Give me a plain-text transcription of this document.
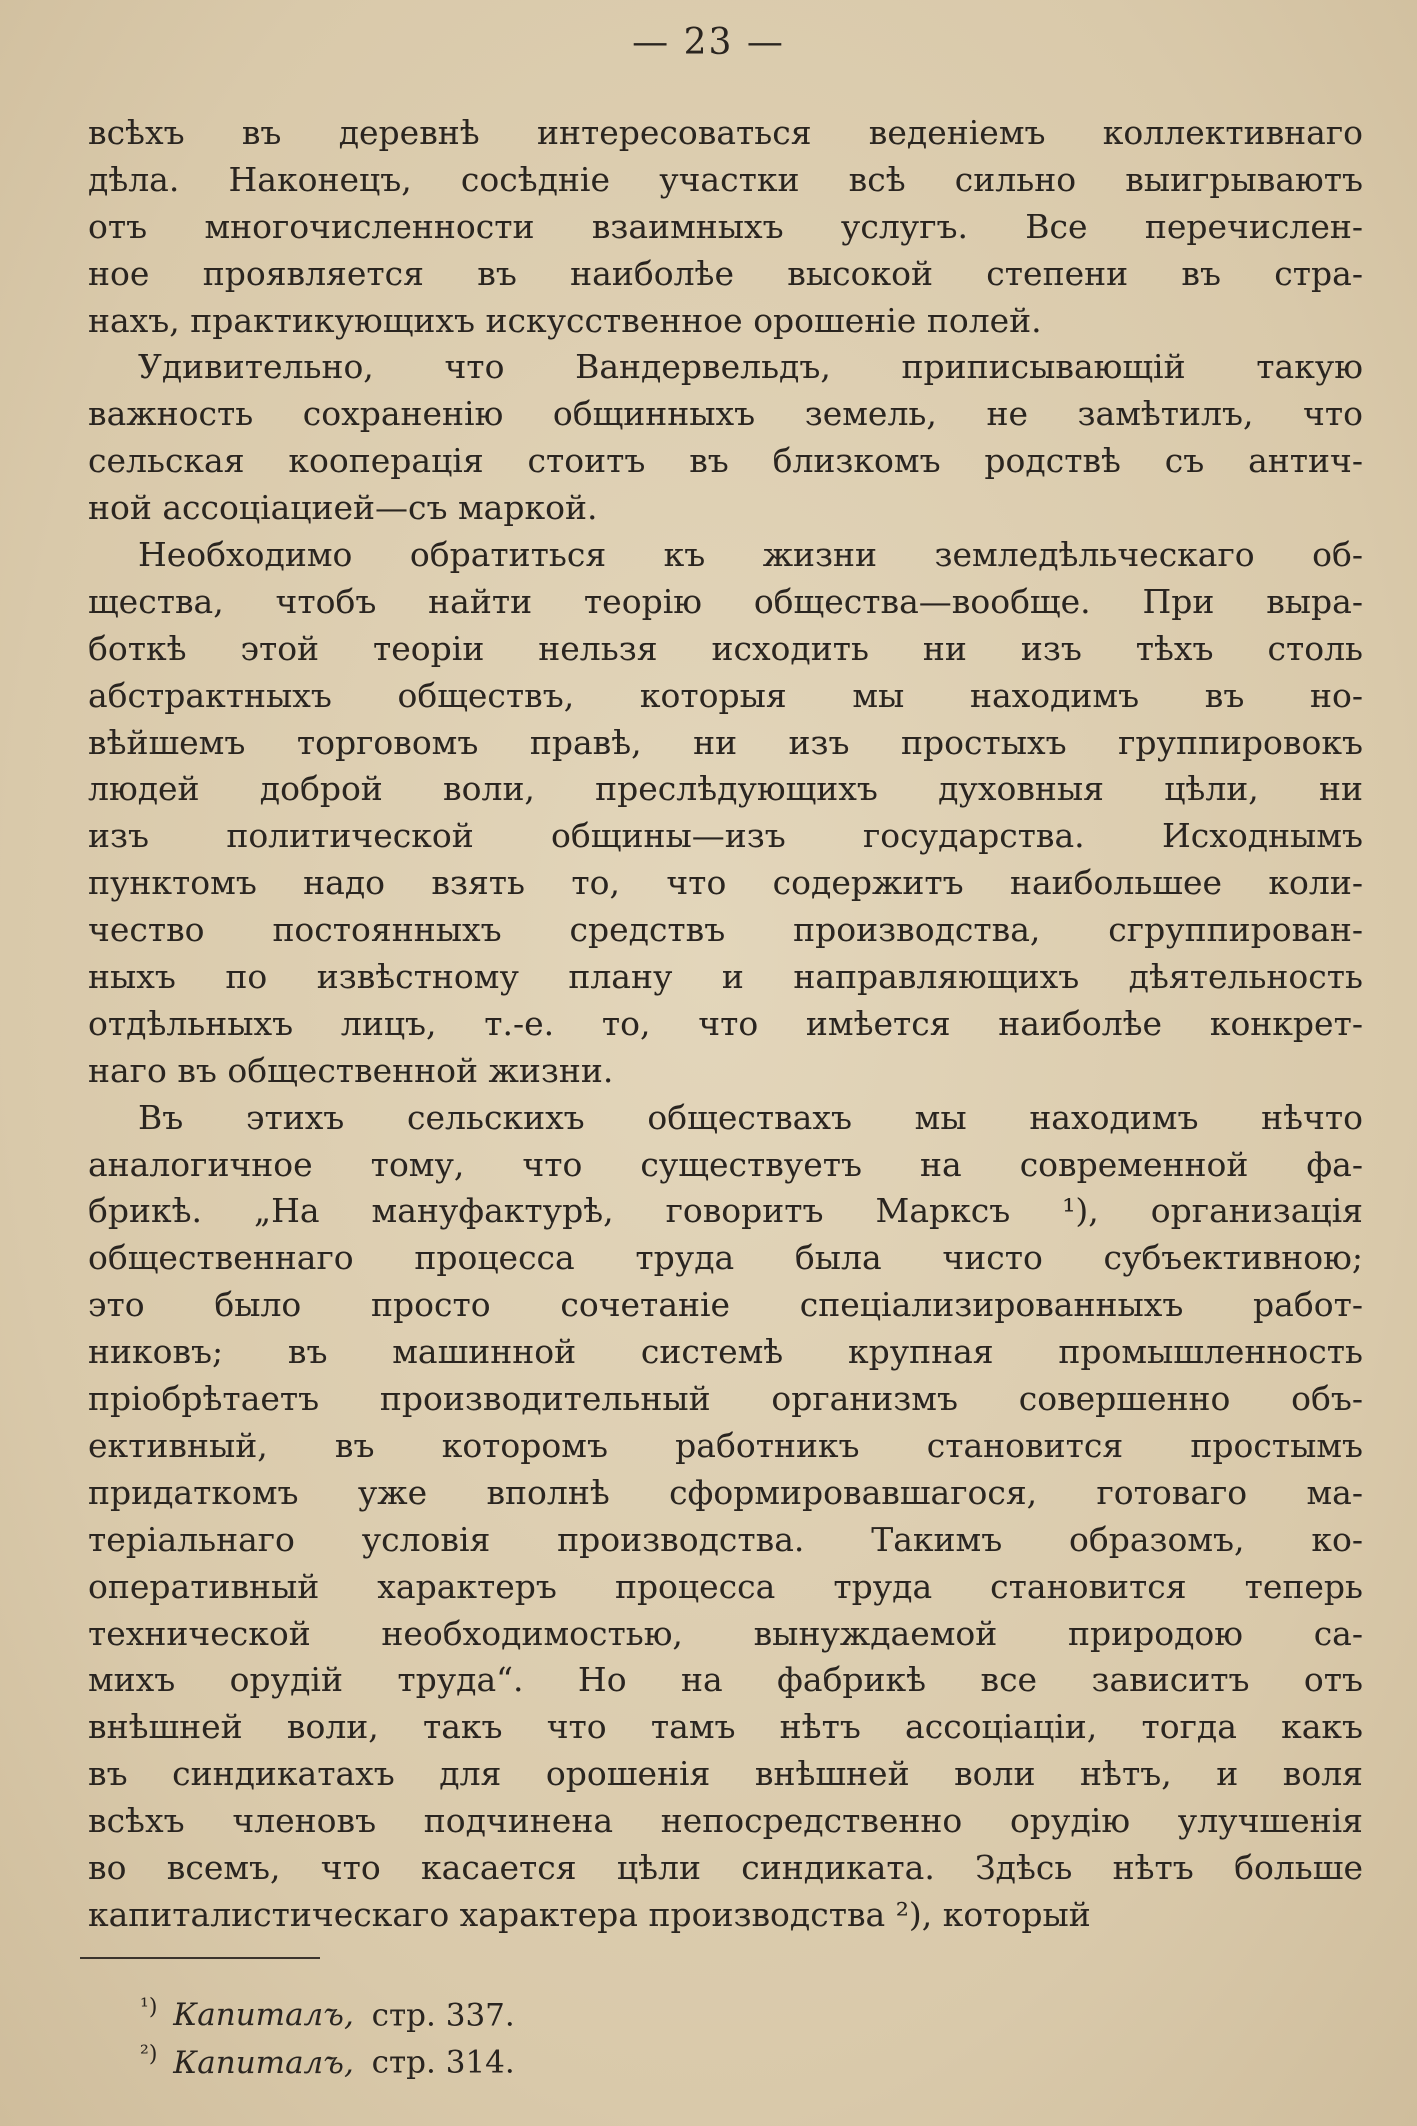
— 23 —

всѣхъ въ деревнѣ интересоваться веденіемъ коллективнаго
дѣла. Наконецъ, сосѣдніе участки всѣ сильно выигрываютъ
отъ многочисленности взаимныхъ услугъ. Все перечислен-
ное проявляется въ наиболѣе высокой степени въ стра-
нахъ, практикующихъ искусственное орошеніе полей.

Удивительно, что Вандервельдъ, приписывающій такую
важность сохраненію общинныхъ земель, не замѣтилъ, что
сельская кооперація стоитъ въ близкомъ родствѣ съ антич-
ной ассоціацией—съ маркой.

Необходимо обратиться къ жизни земледѣльческаго об-
щества, чтобъ найти теорію общества—вообще. При выра-
боткѣ этой теоріи нельзя исходить ни изъ тѣхъ столь
абстрактныхъ обществъ, которыя мы находимъ въ но-
вѣйшемъ торговомъ правѣ, ни изъ простыхъ группировокъ
людей доброй воли, преслѣдующихъ духовныя цѣли, ни
изъ политической общины—изъ государства. Исходнымъ
пунктомъ надо взять то, что содержитъ наибольшее коли-
чество постоянныхъ средствъ производства, сгруппирован-
ныхъ по извѣстному плану и направляющихъ дѣятельность
отдѣльныхъ лицъ, т.-е. то, что имѣется наиболѣе конкрет-
наго въ общественной жизни.

Въ этихъ сельскихъ обществахъ мы находимъ нѣчто
аналогичное тому, что существуетъ на современной фа-
брикѣ. „На мануфактурѣ, говоритъ Марксъ ¹), организація
общественнаго процесса труда была чисто субъективною;
это было просто сочетаніе спеціализированныхъ работ-
никовъ; въ машинной системѣ крупная промышленность
пріобрѣтаетъ производительный организмъ совершенно объ-
ективный, въ которомъ работникъ становится простымъ
придаткомъ уже вполнѣ сформировавшагося, готоваго ма-
теріальнаго условія производства. Такимъ образомъ, ко-
оперативный характеръ процесса труда становится теперь
технической необходимостью, вынуждаемой природою са-
михъ орудій труда“. Но на фабрикѣ все зависитъ отъ
внѣшней воли, такъ что тамъ нѣтъ ассоціаціи, тогда какъ
въ синдикатахъ для орошенія внѣшней воли нѣтъ, и воля
всѣхъ членовъ подчинена непосредственно орудію улучшенія
во всемъ, что касается цѣли синдиката. Здѣсь нѣтъ больше
капиталистическаго характера производства ²), который

$^{^1)}$ Капиталъ, стр. 337.
$^{^2)}$ Капиталъ, стр. 314.
